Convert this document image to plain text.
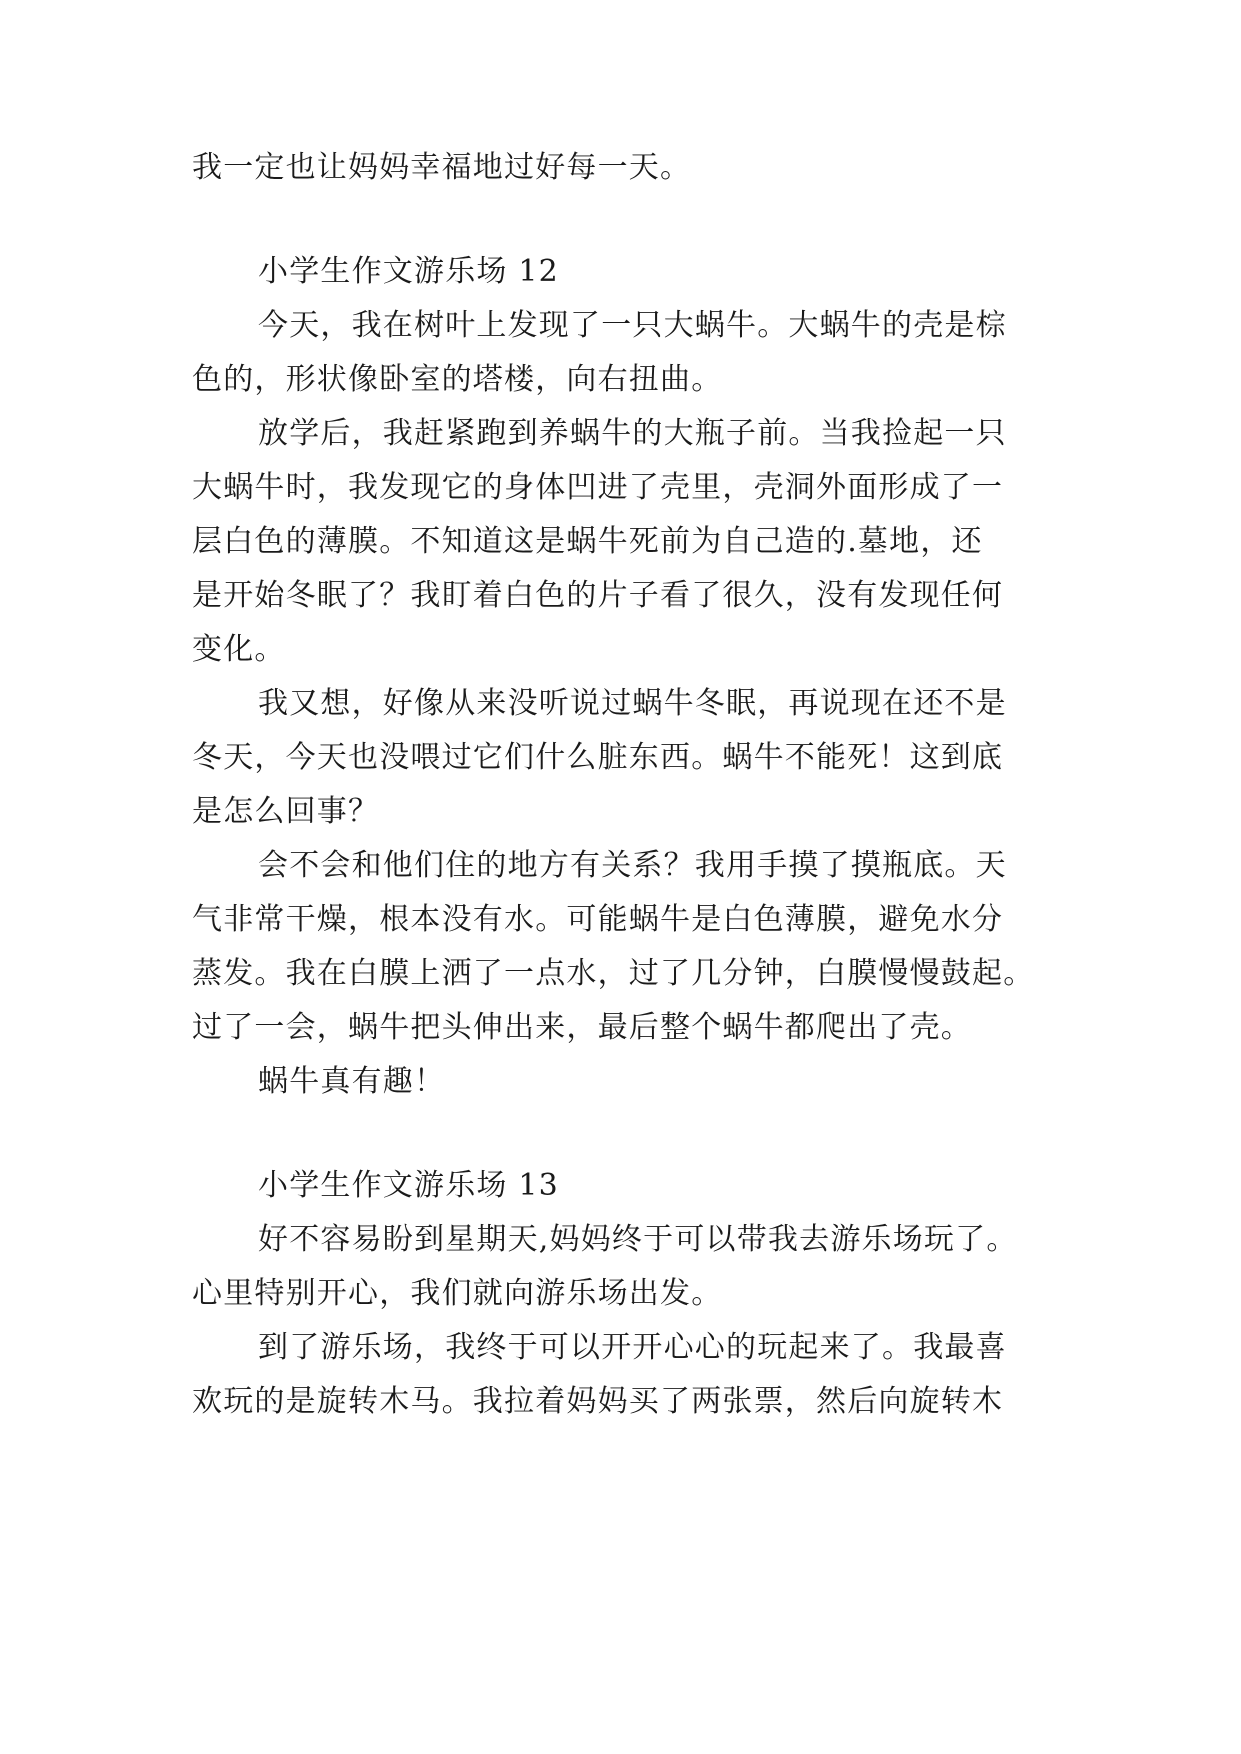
我一定也让妈妈幸福地过好每一天。
小学生作文游乐场 12
今天，我在树叶上发现了一只大蜗牛。大蜗牛的壳是棕
色的，形状像卧室的塔楼，向右扭曲。
放学后，我赶紧跑到养蜗牛的大瓶子前。当我捡起一只
大蜗牛时，我发现它的身体凹进了壳里，壳洞外面形成了一
层白色的薄膜。不知道这是蜗牛死前为自己造的.墓地，还
是开始冬眠了？我盯着白色的片子看了很久，没有发现任何
变化。
我又想，好像从来没听说过蜗牛冬眠，再说现在还不是
冬天，今天也没喂过它们什么脏东西。蜗牛不能死！这到底
是怎么回事？
会不会和他们住的地方有关系？我用手摸了摸瓶底。天
气非常干燥，根本没有水。可能蜗牛是白色薄膜，避免水分
蒸发。我在白膜上洒了一点水，过了几分钟，白膜慢慢鼓起。
过了一会，蜗牛把头伸出来，最后整个蜗牛都爬出了壳。
蜗牛真有趣！
小学生作文游乐场 13
好不容易盼到星期天,妈妈终于可以带我去游乐场玩了。
心里特别开心，我们就向游乐场出发。
到了游乐场，我终于可以开开心心的玩起来了。我最喜
欢玩的是旋转木马。我拉着妈妈买了两张票，然后向旋转木
